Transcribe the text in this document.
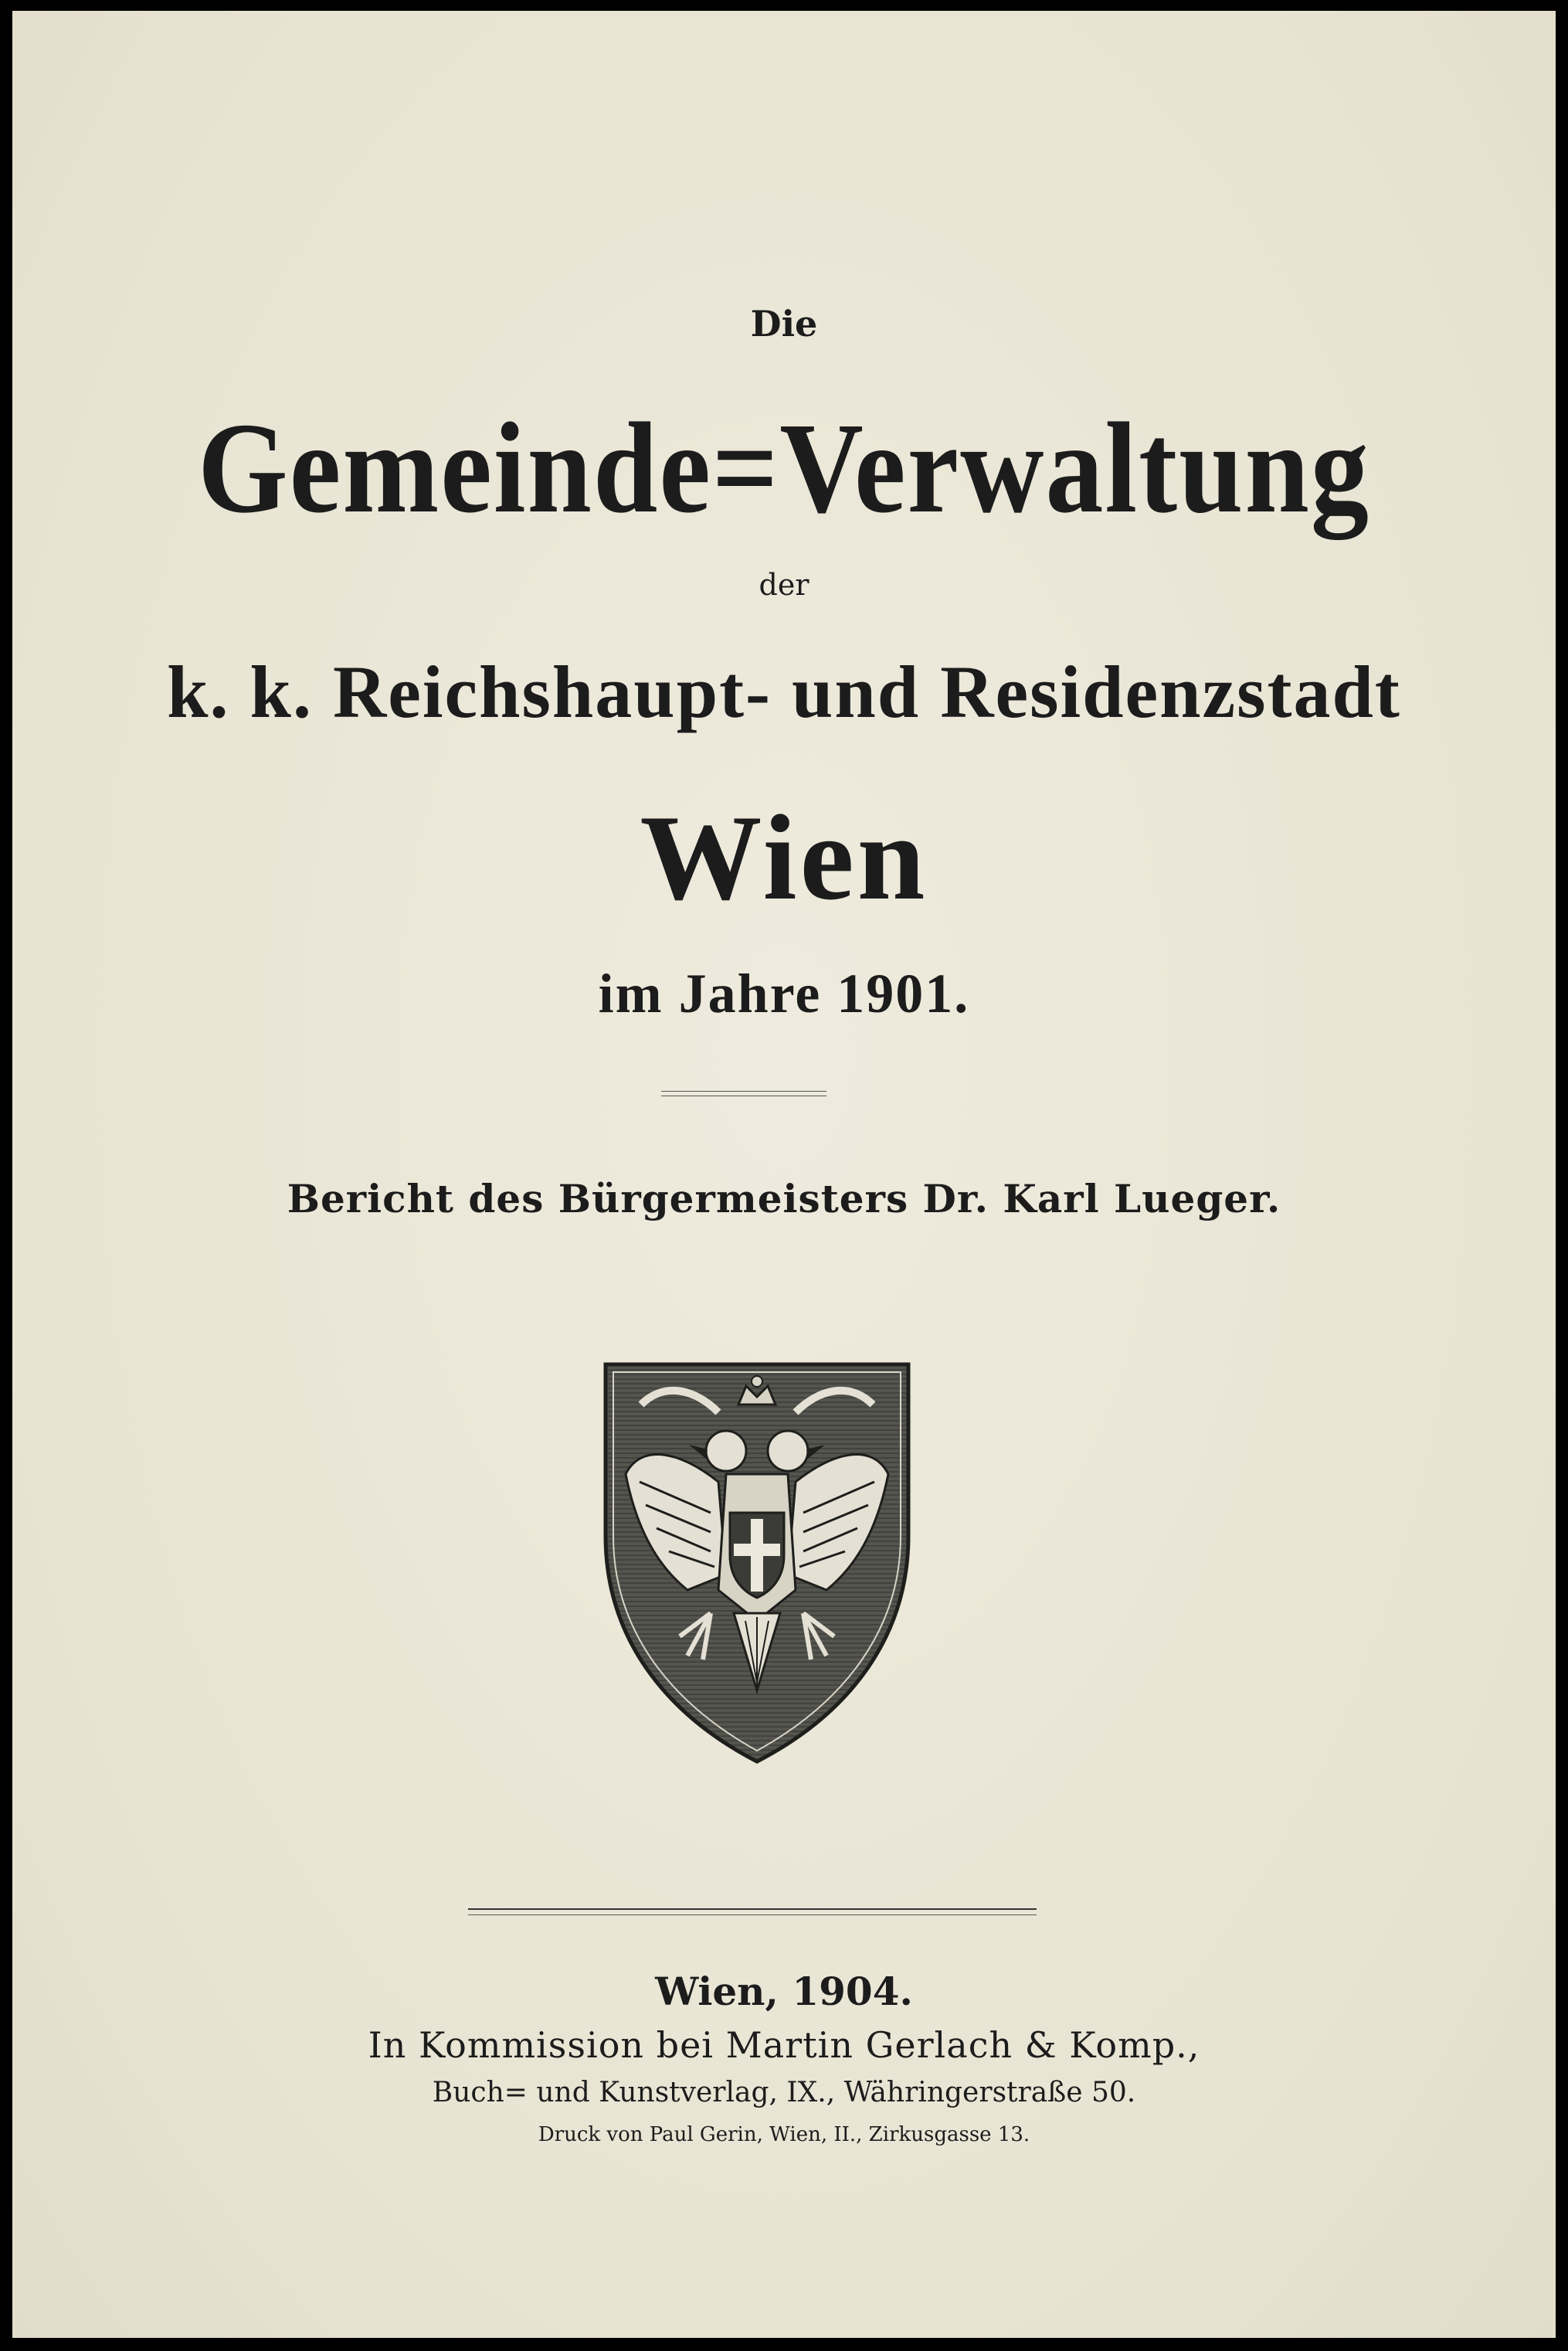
Die
Gemeinde=Verwaltung
der
k. k. Reichshaupt- und Residenzstadt
Wien
im Jahre 1901.
Bericht des Bürgermeisters Dr. Karl Lueger.
Wien, 1904.
In Kommission bei Martin Gerlach & Komp.,
Buch= und Kunstverlag, IX., Währingerstraße 50.
Druck von Paul Gerin, Wien, II., Zirkusgasse 13.
